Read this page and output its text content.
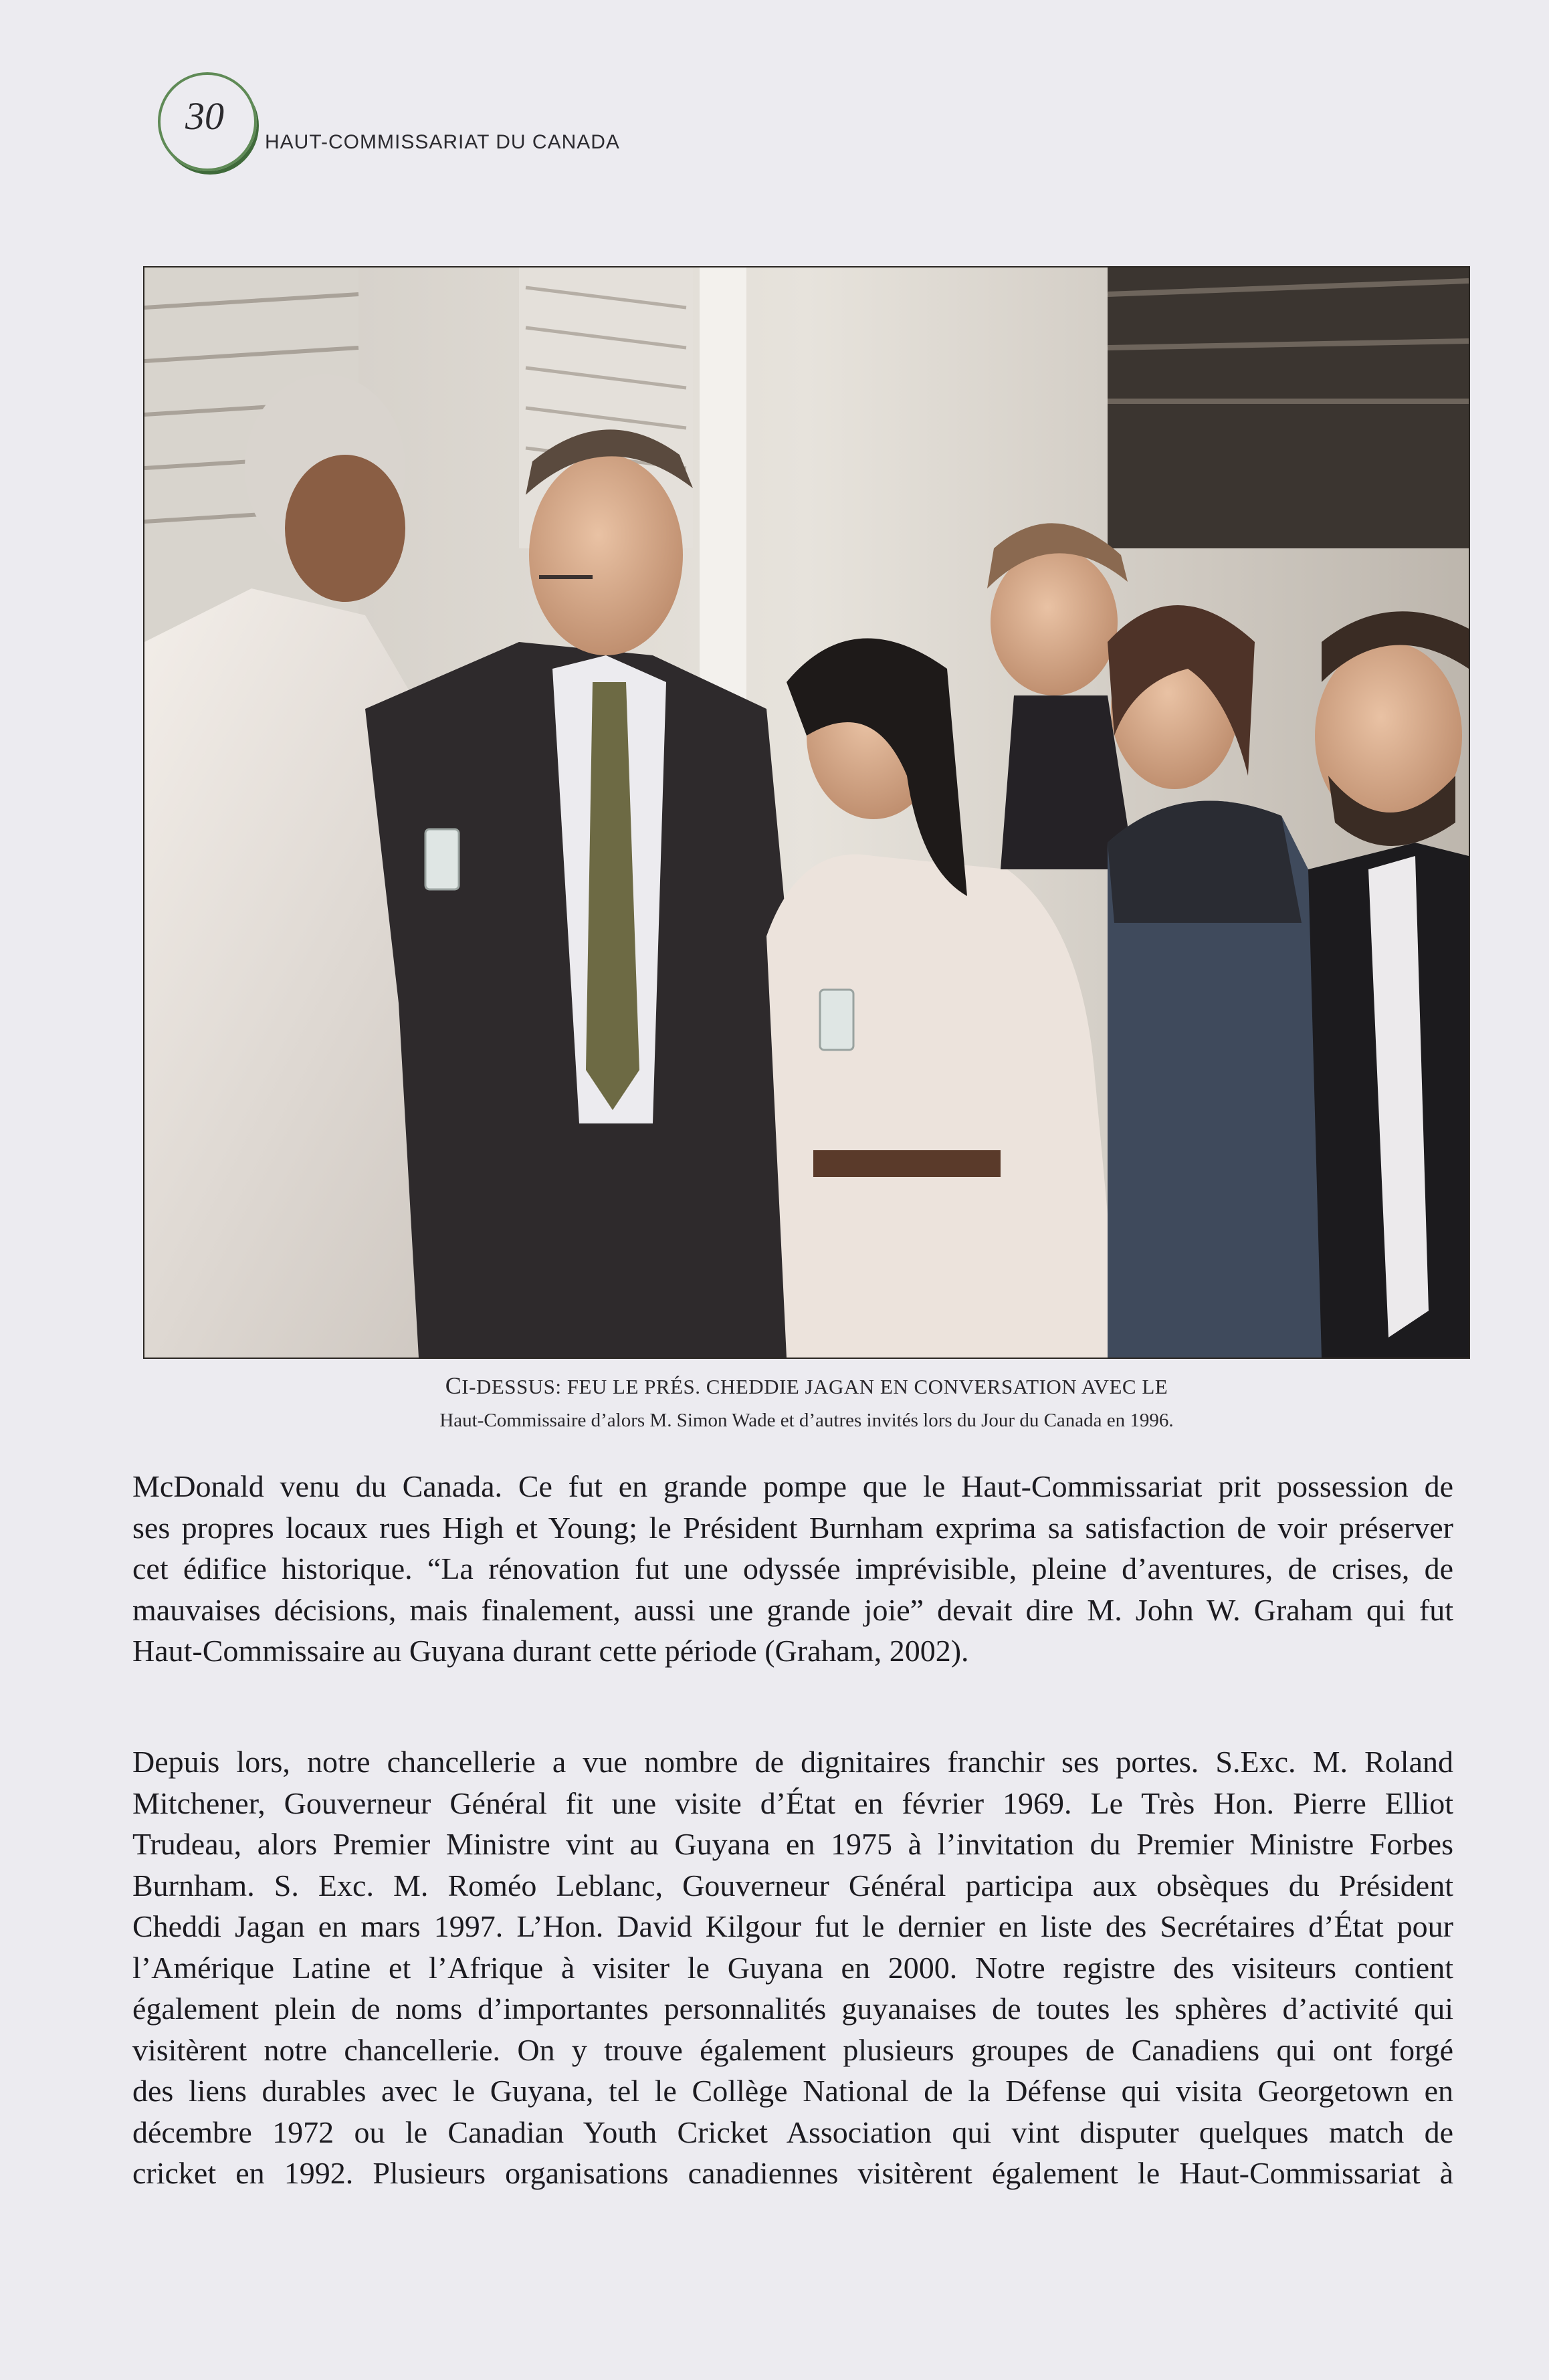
30
HAUT-COMMISSARIAT DU CANADA
CI-DESSUS: FEU LE PRÉS. CHEDDIE JAGAN EN CONVERSATION AVEC LE
Haut-Commissaire d’alors M. Simon Wade et d’autres invités lors du Jour du Canada en 1996.
McDonald venu du Canada. Ce fut en grande pompe que le Haut-Commissariat prit possession de
ses propres locaux rues High et Young; le Président Burnham exprima sa satisfaction de voir préserver
cet édifice historique. “La rénovation fut une odyssée imprévisible, pleine d’aventures, de crises, de
mauvaises décisions, mais finalement, aussi une grande joie” devait dire M. John W. Graham qui fut
Haut-Commissaire au Guyana durant cette période (Graham, 2002).
Depuis lors, notre chancellerie a vue nombre de dignitaires franchir ses portes. S.Exc. M. Roland
Mitchener, Gouverneur Général fit une visite d’État en février 1969. Le Très Hon. Pierre Elliot
Trudeau, alors Premier Ministre vint au Guyana en 1975 à l’invitation du Premier Ministre Forbes
Burnham. S. Exc. M. Roméo Leblanc, Gouverneur Général participa aux obsèques du Président
Cheddi Jagan en mars 1997. L’Hon. David Kilgour fut le dernier en liste des Secrétaires d’État pour
l’Amérique Latine et l’Afrique à visiter le Guyana en 2000. Notre registre des visiteurs contient
également plein de noms d’importantes personnalités guyanaises de toutes les sphères d’activité qui
visitèrent notre chancellerie. On y trouve également plusieurs groupes de Canadiens qui ont forgé
des liens durables avec le Guyana, tel le Collège National de la Défense qui visita Georgetown en
décembre 1972 ou le Canadian Youth Cricket Association qui vint disputer quelques match de
cricket en 1992. Plusieurs organisations canadiennes visitèrent également le Haut-Commissariat à
